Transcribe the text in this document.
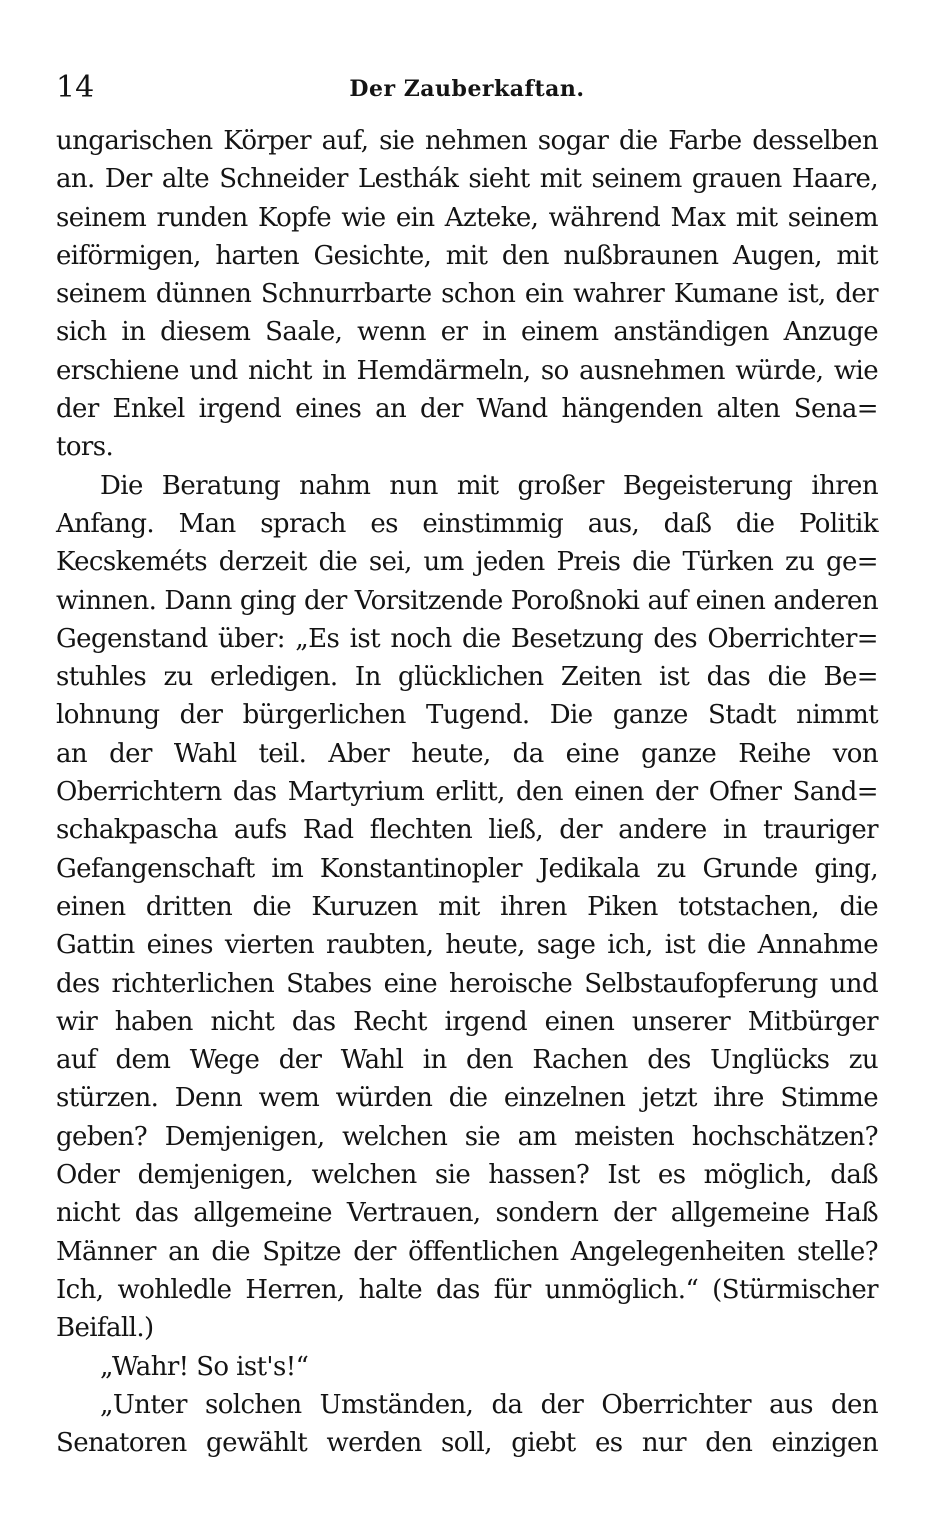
14	Der Zauberkaftan.
ungarischen Körper auf, sie nehmen sogar die Farbe desselben
an. Der alte Schneider Lesthák sieht mit seinem grauen Haare,
seinem runden Kopfe wie ein Azteke, während Max mit seinem
eiförmigen, harten Gesichte, mit den nußbraunen Augen, mit
seinem dünnen Schnurrbarte schon ein wahrer Kumane ist, der
sich in diesem Saale, wenn er in einem anständigen Anzuge
erschiene und nicht in Hemdärmeln, so ausnehmen würde, wie
der Enkel irgend eines an der Wand hängenden alten Sena=
tors.
Die Beratung nahm nun mit großer Begeisterung ihren
Anfang. Man sprach es einstimmig aus, daß die Politik
Kecskeméts derzeit die sei, um jeden Preis die Türken zu ge=
winnen. Dann ging der Vorsitzende Poroßnoki auf einen anderen
Gegenstand über: „Es ist noch die Besetzung des Oberrichter=
stuhles zu erledigen. In glücklichen Zeiten ist das die Be=
lohnung der bürgerlichen Tugend. Die ganze Stadt nimmt
an der Wahl teil. Aber heute, da eine ganze Reihe von
Oberrichtern das Martyrium erlitt, den einen der Ofner Sand=
schakpascha aufs Rad flechten ließ, der andere in trauriger
Gefangenschaft im Konstantinopler Jedikala zu Grunde ging,
einen dritten die Kuruzen mit ihren Piken totstachen, die
Gattin eines vierten raubten, heute, sage ich, ist die Annahme
des richterlichen Stabes eine heroische Selbstaufopferung und
wir haben nicht das Recht irgend einen unserer Mitbürger
auf dem Wege der Wahl in den Rachen des Unglücks zu
stürzen. Denn wem würden die einzelnen jetzt ihre Stimme
geben? Demjenigen, welchen sie am meisten hochschätzen?
Oder demjenigen, welchen sie hassen? Ist es möglich, daß
nicht das allgemeine Vertrauen, sondern der allgemeine Haß
Männer an die Spitze der öffentlichen Angelegenheiten stelle?
Ich, wohledle Herren, halte das für unmöglich.“ (Stürmischer
Beifall.)
„Wahr! So ist's!“
„Unter solchen Umständen, da der Oberrichter aus den
Senatoren gewählt werden soll, giebt es nur den einzigen
